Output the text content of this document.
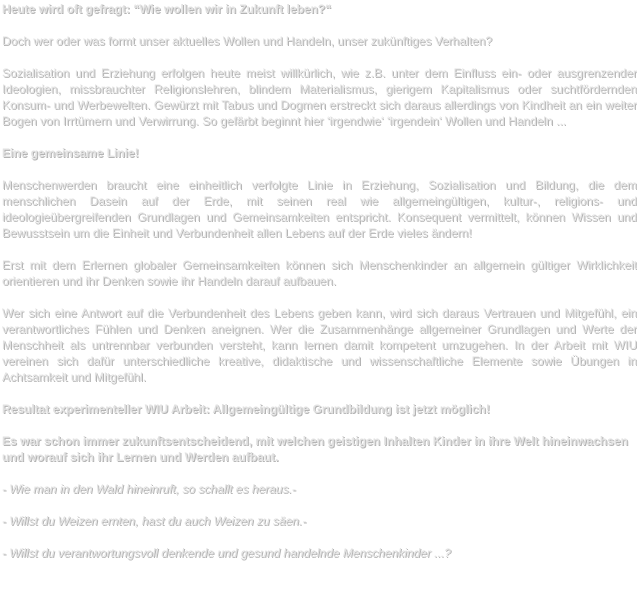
Heute wird oft gefragt: “Wie wollen wir in Zukunft leben?“

Doch wer oder was formt unser aktuelles Wollen und Handeln, unser zukünftiges Verhalten?

Sozialisation und Erziehung erfolgen heute meist willkürlich, wie z.B. unter dem Einfluss ein- oder ausgrenzender Ideologien, missbrauchter Religionslehren, blindem Materialismus, gierigem Kapitalismus oder suchtfördernden Konsum- und Werbewelten. Gewürzt mit Tabus und Dogmen erstreckt sich daraus allerdings von Kindheit an ein weiter Bogen von Irrtümern und Verwirrung. So gefärbt beginnt hier ‘irgendwie‘ ‘irgendein‘ Wollen und Handeln ...

Eine gemeinsame Linie!

Menschenwerden braucht eine einheitlich verfolgte Linie in Erziehung, Sozialisation und Bildung, die dem menschlichen Dasein auf der Erde, mit seinen real wie allgemeingültigen, kultur-, religions- und ideologieübergreifenden Grundlagen und Gemeinsamkeiten entspricht. Konsequent vermittelt, können Wissen und Bewusstsein um die Einheit und Verbundenheit allen Lebens auf der Erde vieles ändern!

Erst mit dem Erlernen globaler Gemeinsamkeiten können sich Menschenkinder an allgemein gültiger Wirklichkeit orientieren und ihr Denken sowie ihr Handeln darauf aufbauen.

Wer sich eine Antwort auf die Verbundenheit des Lebens geben kann, wird sich daraus Vertrauen und Mitgefühl, ein verantwortliches Fühlen und Denken aneignen. Wer die Zusammenhänge allgemeiner Grundlagen und Werte der Menschheit als untrennbar verbunden versteht, kann lernen damit kompetent umzugehen. In der Arbeit mit WIU vereinen sich dafür unterschiedliche kreative, didaktische und wissenschaftliche Elemente sowie Übungen in Achtsamkeit und Mitgefühl.

Resultat experimenteller WIU Arbeit: Allgemeingültige Grundbildung ist jetzt möglich!

Es war schon immer zukunftsentscheidend, mit welchen geistigen Inhalten Kinder in ihre Welt hineinwachsen und worauf sich ihr Lernen und Werden aufbaut.

- Wie man in den Wald hineinruft, so schallt es heraus.-

- Willst du Weizen ernten, hast du auch Weizen zu säen.-

- Willst du verantwortungsvoll denkende und gesund handelnde Menschenkinder ...?
